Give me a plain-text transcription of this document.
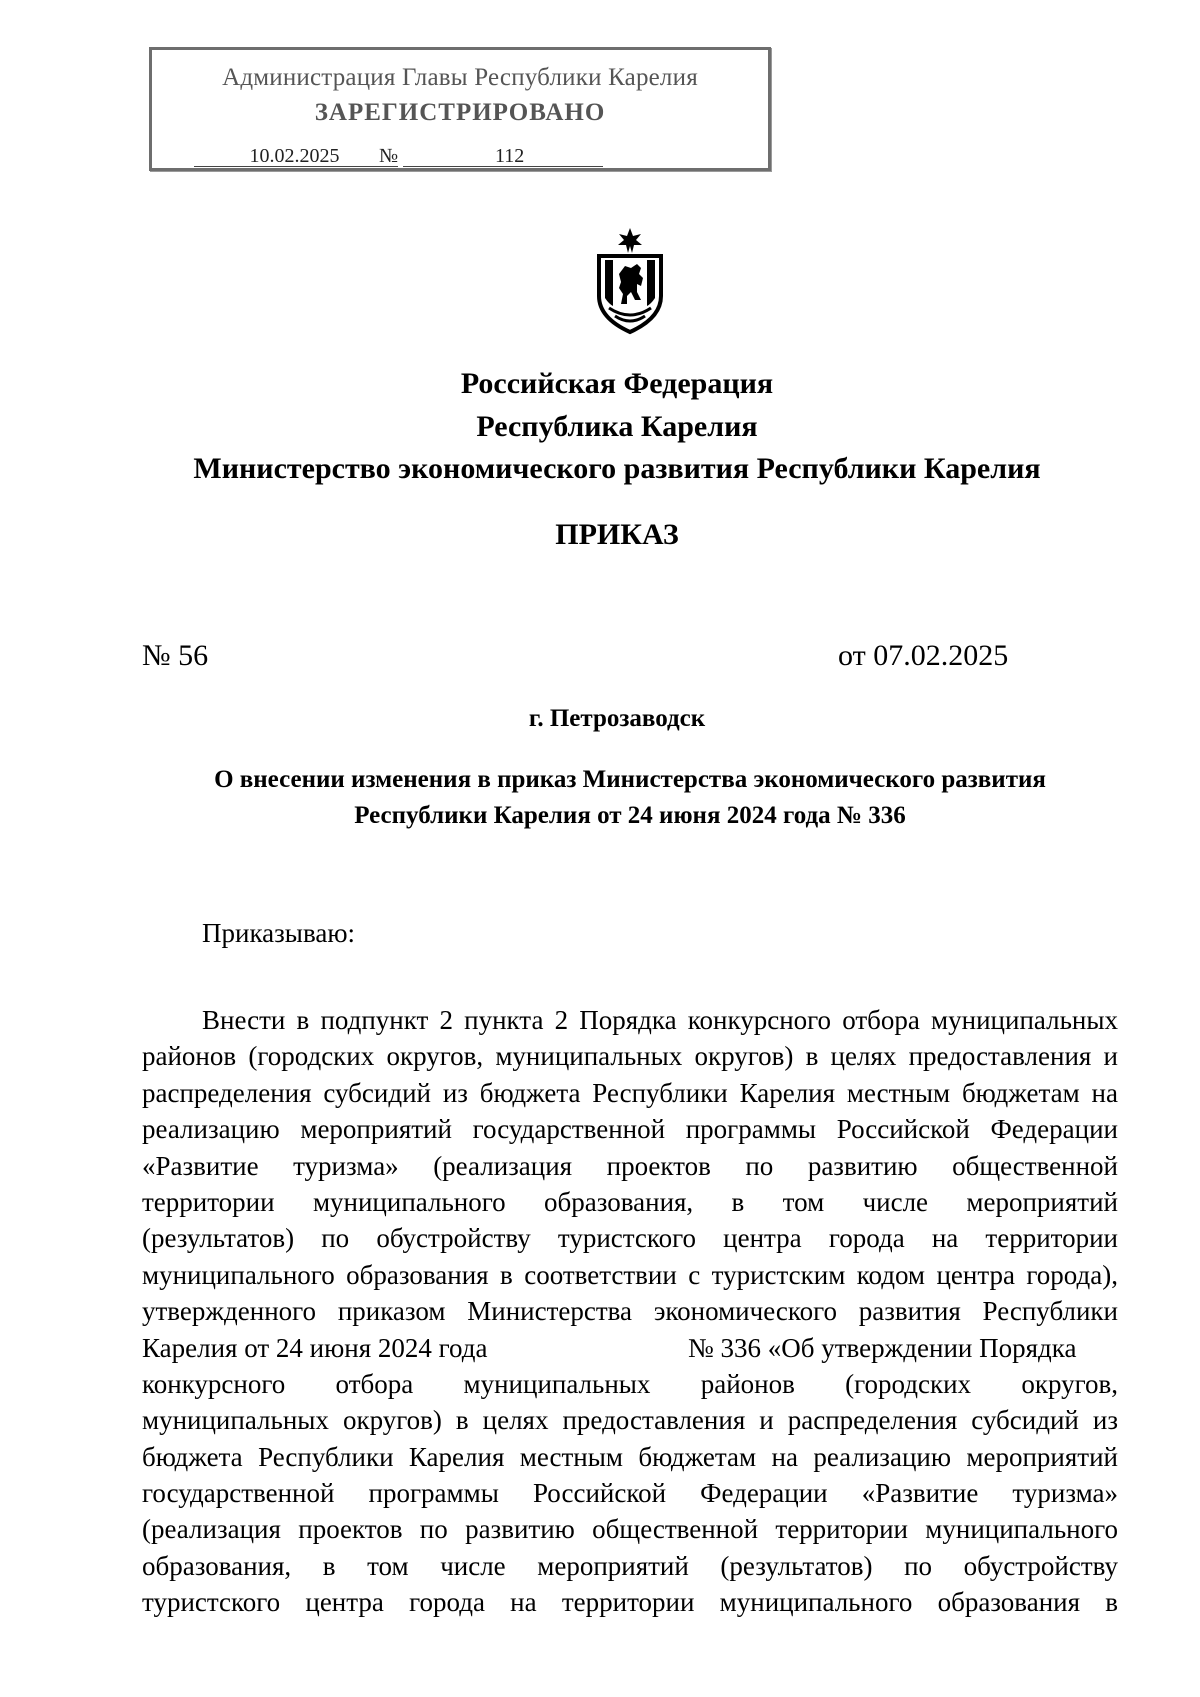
Администрация Главы Республики Карелия
ЗАРЕГИСТРИРОВАНО
10.02.2025	№	112
Российская Федерация
Республика Карелия
Министерство экономического развития Республики Карелия
ПРИКАЗ
№ 56	от 07.02.2025
г. Петрозаводск
О внесении изменения в приказ Министерства экономического развития
Республики Карелия от 24 июня 2024 года № 336
Приказываю:
Внести в подпункт 2 пункта 2 Порядка конкурсного отбора муниципальных
районов (городских округов, муниципальных округов) в целях предоставления и
распределения субсидий из бюджета Республики Карелия местным бюджетам на
реализацию мероприятий государственной программы Российской Федерации
«Развитие туризма» (реализация проектов по развитию общественной
территории муниципального образования, в том числе мероприятий
(результатов) по обустройству туристского центра города на территории
муниципального образования в соответствии с туристским кодом центра города),
утвержденного приказом Министерства экономического развития Республики
Карелия от 24 июня 2024 года	№ 336 «Об утверждении Порядка
конкурсного отбора муниципальных районов (городских округов,
муниципальных округов) в целях предоставления и распределения субсидий из
бюджета Республики Карелия местным бюджетам на реализацию мероприятий
государственной программы Российской Федерации «Развитие туризма»
(реализация проектов по развитию общественной территории муниципального
образования, в том числе мероприятий (результатов) по обустройству
туристского центра города на территории муниципального образования в
